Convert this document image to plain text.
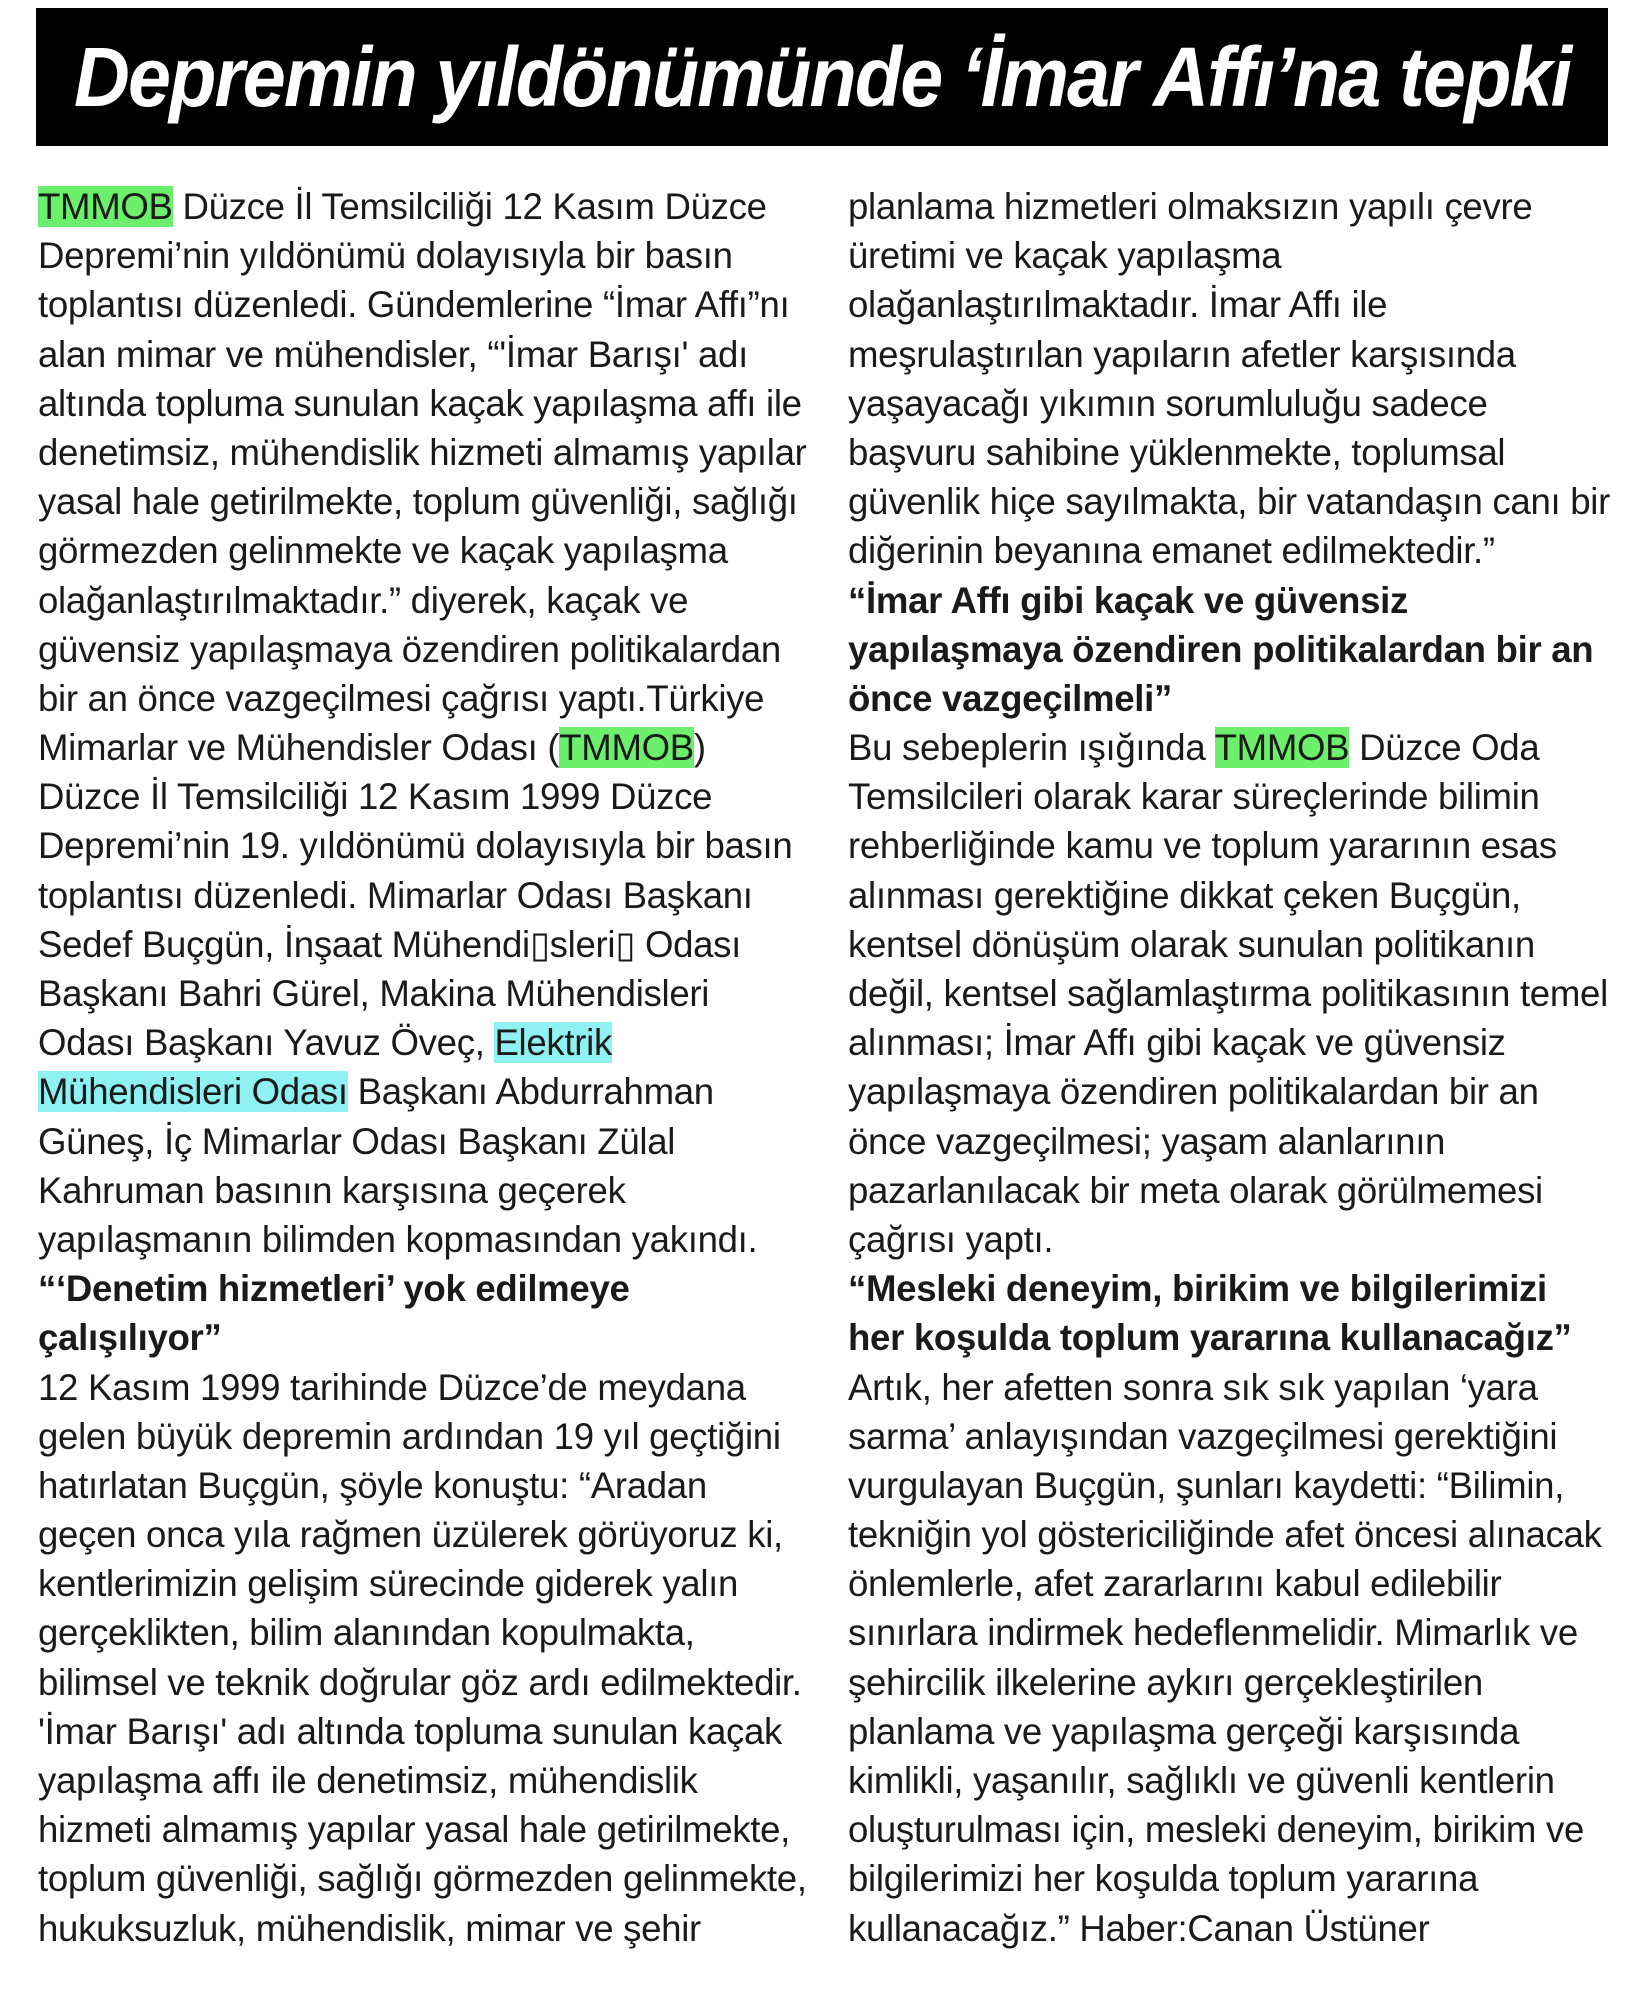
Depremin yıldönümünde ‘İmar Affı’na tepki
TMMOB Düzce İl Temsilciliği 12 Kasım Düzce
Depremi’nin yıldönümü dolayısıyla bir basın
toplantısı düzenledi. Gündemlerine “İmar Affı”nı
alan mimar ve mühendisler, “'İmar Barışı' adı
altında topluma sunulan kaçak yapılaşma affı ile
denetimsiz, mühendislik hizmeti almamış yapılar
yasal hale getirilmekte, toplum güvenliği, sağlığı
görmezden gelinmekte ve kaçak yapılaşma
olağanlaştırılmaktadır.” diyerek, kaçak ve
güvensiz yapılaşmaya özendiren politikalardan
bir an önce vazgeçilmesi çağrısı yaptı.Türkiye
Mimarlar ve Mühendisler Odası (TMMOB)
Düzce İl Temsilciliği 12 Kasım 1999 Düzce
Depremi’nin 19. yıldönümü dolayısıyla bir basın
toplantısı düzenledi. Mimarlar Odası Başkanı
Sedef Buçgün, İnşaat Mühendi▯sleri▯ Odası
Başkanı Bahri Gürel, Makina Mühendisleri
Odası Başkanı Yavuz Öveç, Elektrik
Mühendisleri Odası Başkanı Abdurrahman
Güneş, İç Mimarlar Odası Başkanı Zülal
Kahruman basının karşısına geçerek
yapılaşmanın bilimden kopmasından yakındı.
“‘Denetim hizmetleri’ yok edilmeye
çalışılıyor”
12 Kasım 1999 tarihinde Düzce’de meydana
gelen büyük depremin ardından 19 yıl geçtiğini
hatırlatan Buçgün, şöyle konuştu: “Aradan
geçen onca yıla rağmen üzülerek görüyoruz ki,
kentlerimizin gelişim sürecinde giderek yalın
gerçeklikten, bilim alanından kopulmakta,
bilimsel ve teknik doğrular göz ardı edilmektedir.
'İmar Barışı' adı altında topluma sunulan kaçak
yapılaşma affı ile denetimsiz, mühendislik
hizmeti almamış yapılar yasal hale getirilmekte,
toplum güvenliği, sağlığı görmezden gelinmekte,
hukuksuzluk, mühendislik, mimar ve şehir
planlama hizmetleri olmaksızın yapılı çevre
üretimi ve kaçak yapılaşma
olağanlaştırılmaktadır. İmar Affı ile
meşrulaştırılan yapıların afetler karşısında
yaşayacağı yıkımın sorumluluğu sadece
başvuru sahibine yüklenmekte, toplumsal
güvenlik hiçe sayılmakta, bir vatandaşın canı bir
diğerinin beyanına emanet edilmektedir.”
“İmar Affı gibi kaçak ve güvensiz
yapılaşmaya özendiren politikalardan bir an
önce vazgeçilmeli”
Bu sebeplerin ışığında TMMOB Düzce Oda
Temsilcileri olarak karar süreçlerinde bilimin
rehberliğinde kamu ve toplum yararının esas
alınması gerektiğine dikkat çeken Buçgün,
kentsel dönüşüm olarak sunulan politikanın
değil, kentsel sağlamlaştırma politikasının temel
alınması; İmar Affı gibi kaçak ve güvensiz
yapılaşmaya özendiren politikalardan bir an
önce vazgeçilmesi; yaşam alanlarının
pazarlanılacak bir meta olarak görülmemesi
çağrısı yaptı.
“Mesleki deneyim, birikim ve bilgilerimizi
her koşulda toplum yararına kullanacağız”
Artık, her afetten sonra sık sık yapılan ‘yara
sarma’ anlayışından vazgeçilmesi gerektiğini
vurgulayan Buçgün, şunları kaydetti: “Bilimin,
tekniğin yol göstericiliğinde afet öncesi alınacak
önlemlerle, afet zararlarını kabul edilebilir
sınırlara indirmek hedeflenmelidir. Mimarlık ve
şehircilik ilkelerine aykırı gerçekleştirilen
planlama ve yapılaşma gerçeği karşısında
kimlikli, yaşanılır, sağlıklı ve güvenli kentlerin
oluşturulması için, mesleki deneyim, birikim ve
bilgilerimizi her koşulda toplum yararına
kullanacağız.” Haber:Canan Üstüner
